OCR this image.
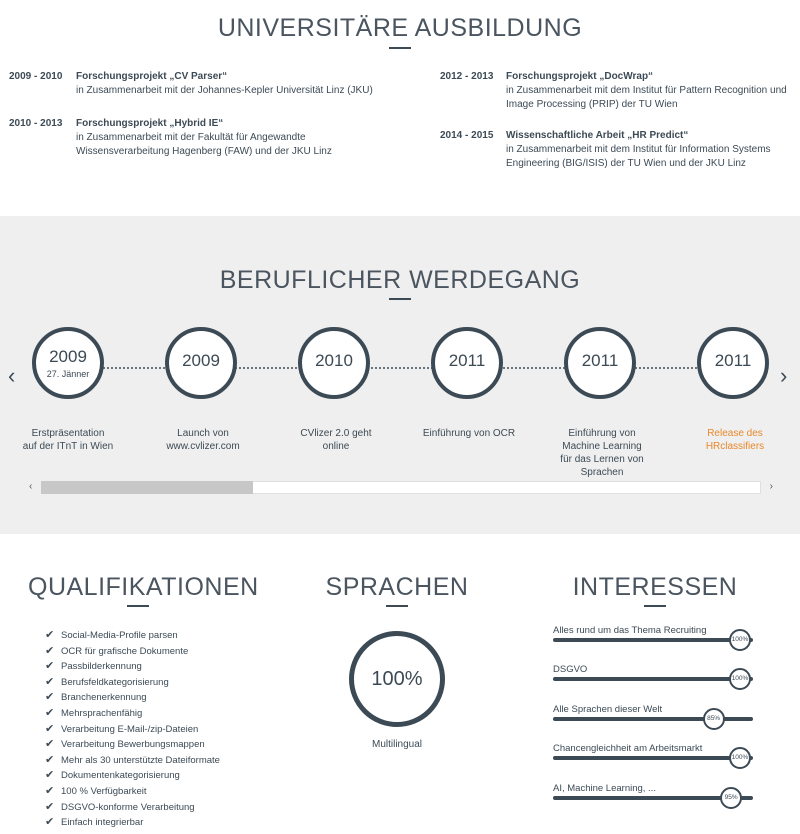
UNIVERSITÄRE AUSBILDUNG
2009 - 2010 Forschungsprojekt „CV Parser“
in Zusammenarbeit mit der Johannes-Kepler Universität Linz (JKU)
2010 - 2013 Forschungsprojekt „Hybrid IE“
in Zusammenarbeit mit der Fakultät für Angewandte
Wissensverarbeitung Hagenberg (FAW) und der JKU Linz
2012 - 2013 Forschungsprojekt „DocWrap“
in Zusammenarbeit mit dem Institut für Pattern Recognition und
Image Processing (PRIP) der TU Wien
2014 - 2015 Wissenschaftliche Arbeit „HR Predict“
in Zusammenarbeit mit dem Institut für Information Systems
Engineering (BIG/ISIS) der TU Wien und der JKU Linz
BERUFLICHER WERDEGANG
‹	›
2009
27. Jänner
2009	2010	2011	2011	2011
Erstpräsentation
auf der ITnT in Wien
Launch von
www.cvlizer.com
CVlizer 2.0 geht
online
Einführung von OCR	Einführung von
Machine Learning
für das Lernen von
Sprachen
Release des
HRclassifiers
‹	›
QUALIFIKATIONEN
✔ Social-Media-Profile parsen
✔ OCR für grafische Dokumente
✔ Passbilderkennung
✔ Berufsfeldkategorisierung
✔ Branchenerkennung
✔ Mehrsprachenfähig
✔ Verarbeitung E-Mail-/zip-Dateien
✔ Verarbeitung Bewerbungsmappen
✔ Mehr als 30 unterstützte Dateiformate
✔ Dokumentenkategorisierung
✔ 100 % Verfügbarkeit
✔ DSGVO-konforme Verarbeitung
✔ Einfach integrierbar
SPRACHEN
100%
Multilingual
INTERESSEN
Alles rund um das Thema Recruiting
100%
DSGVO
100%
Alle Sprachen dieser Welt
85%
Chancengleichheit am Arbeitsmarkt
100%
AI, Machine Learning, ...
95%
